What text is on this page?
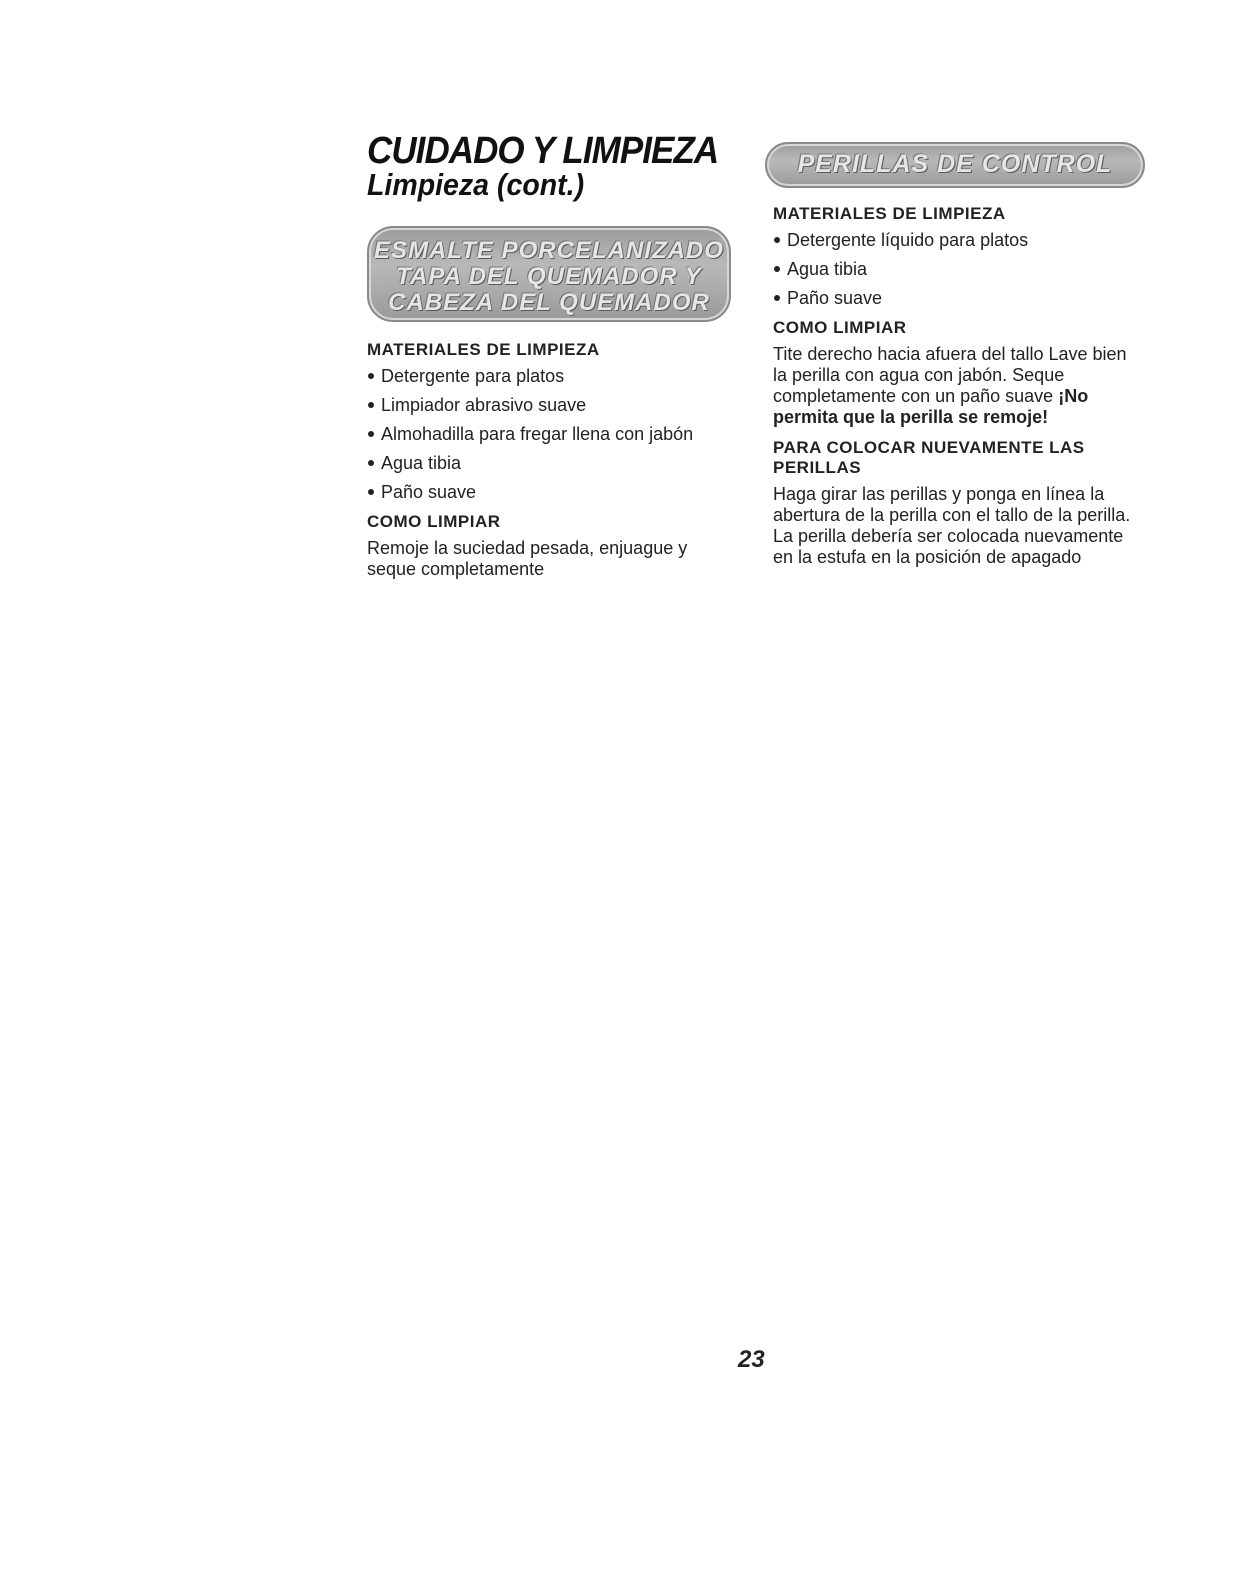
CUIDADO Y LIMPIEZA
Limpieza (cont.)
ESMALTE PORCELANIZADO
TAPA DEL QUEMADOR Y
CABEZA DEL QUEMADOR
PERILLAS DE CONTROL
MATERIALES DE LIMPIEZA
Detergente para platos
Limpiador abrasivo suave
Almohadilla para fregar llena con jabón
Agua tibia
Paño suave
COMO LIMPIAR

Remoje la suciedad pesada, enjuague y seque completamente

MATERIALES DE LIMPIEZA
Detergente líquido para platos
Agua tibia
Paño suave
COMO LIMPIAR

Tite derecho hacia afuera del tallo Lave bien la perilla con agua con jabón. Seque completamente con un paño suave ¡No permita que la perilla se remoje!

PARA COLOCAR NUEVAMENTE LAS PERILLAS

Haga girar las perillas y ponga en línea la abertura de la perilla con el tallo de la perilla. La perilla debería ser colocada nuevamente en la estufa en la posición de apagado

23
